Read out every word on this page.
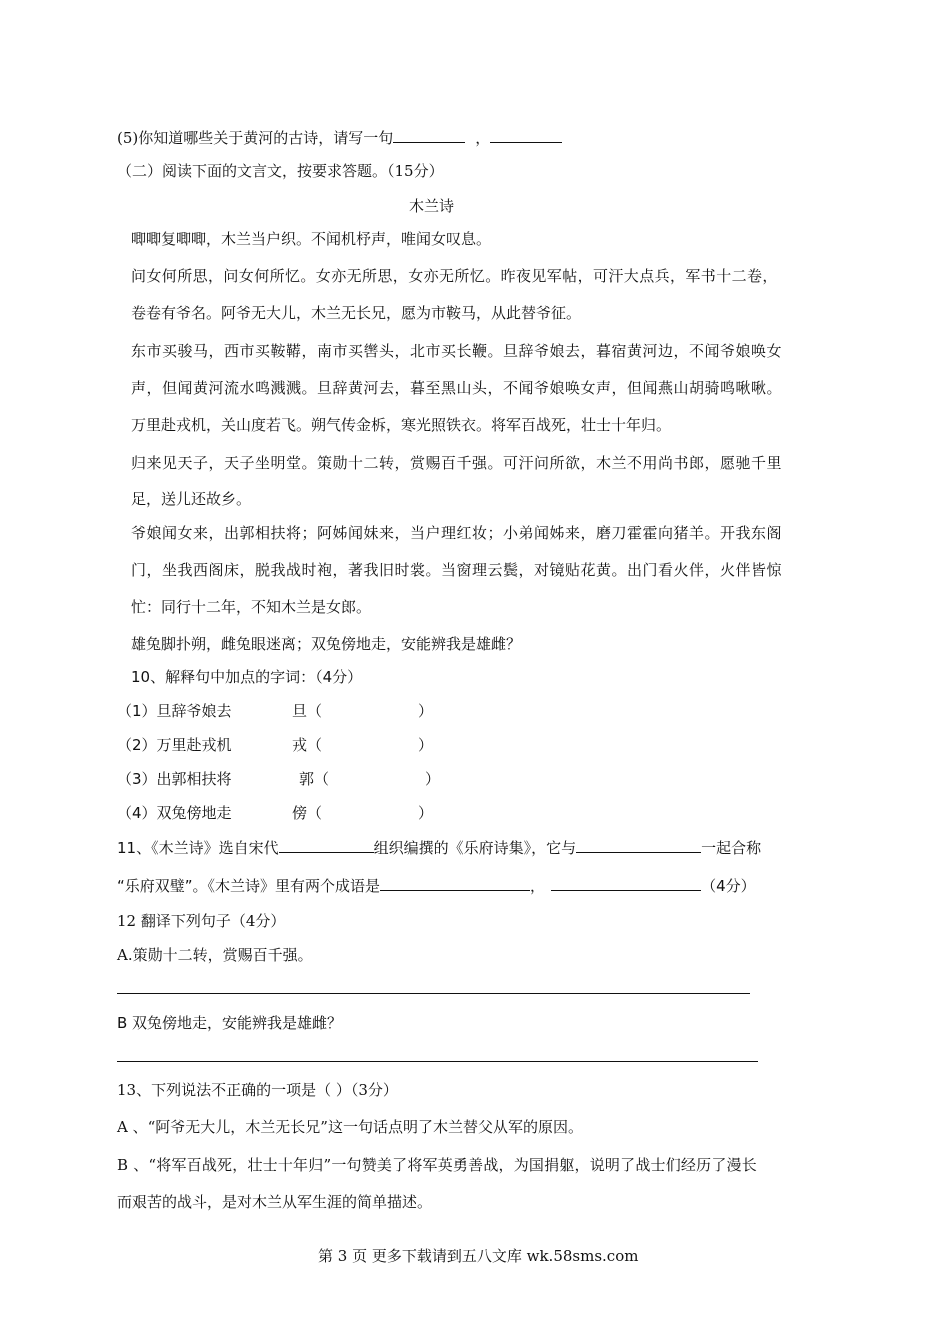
(5)你知道哪些关于黄河的古诗，请写一句	，
（二）阅读下面的文言文，按要求答题。（15分）
木兰诗
唧唧复唧唧，木兰当户织。不闻机杼声，唯闻女叹息。
问女何所思，问女何所忆。女亦无所思，女亦无所忆。昨夜见军帖，可汗大点兵，军书十二卷，
卷卷有爷名。阿爷无大儿，木兰无长兄，愿为市鞍马，从此替爷征。
东市买骏马，西市买鞍鞯，南市买辔头，北市买长鞭。旦辞爷娘去，暮宿黄河边，不闻爷娘唤女
声，但闻黄河流水鸣溅溅。旦辞黄河去，暮至黑山头，不闻爷娘唤女声，但闻燕山胡骑鸣啾啾。
万里赴戎机，关山度若飞。朔气传金柝，寒光照铁衣。将军百战死，壮士十年归。
归来见天子，天子坐明堂。策勋十二转，赏赐百千强。可汗问所欲，木兰不用尚书郎，愿驰千里
足，送儿还故乡。
爷娘闻女来，出郭相扶将；阿姊闻妹来，当户理红妆；小弟闻姊来，磨刀霍霍向猪羊。开我东阁
门，坐我西阁床，脱我战时袍，著我旧时裳。当窗理云鬓，对镜贴花黄。出门看火伴，火伴皆惊
忙：同行十二年，不知木兰是女郎。
雄兔脚扑朔，雌兔眼迷离；双兔傍地走，安能辨我是雄雌？
10、解释句中加点的字词：（4分）
（1）旦辞爷娘去	旦（	）
（2）万里赴戎机	戎（	）
（3）出郭相扶将	郭（	）
（4）双兔傍地走	傍（	）
11、《木兰诗》选自宋代	组织编撰的《乐府诗集》，它与	一起合称
“乐府双璧”。《木兰诗》里有两个成语是	，	（4分）
12 翻译下列句子（4分）
A.策勋十二转，赏赐百千强。
B 双兔傍地走，安能辨我是雄雌？
13、下列说法不正确的一项是（ ）（3分）
A 、“阿爷无大儿，木兰无长兄”这一句话点明了木兰替父从军的原因。
B 、“将军百战死，壮士十年归”一句赞美了将军英勇善战，为国捐躯，说明了战士们经历了漫长
而艰苦的战斗，是对木兰从军生涯的简单描述。
第 3 页 更多下载请到五八文库 wk.58sms.com
